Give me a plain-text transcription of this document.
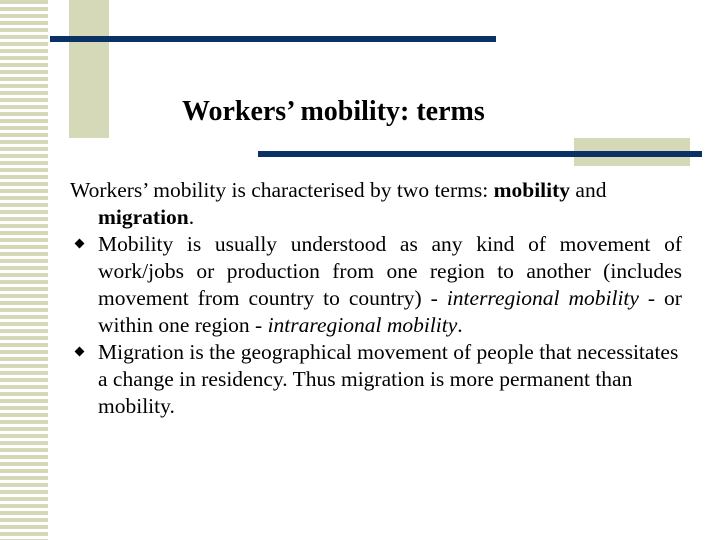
Workers’ mobility: terms

Workers’ mobility is characterised by two terms: mobility and migration.

Mobility is usually understood as any kind of movement of work/jobs or production from one region to another (includes movement from country to country) - interregional mobility - or within one region - intraregional mobility.

Migration is the geographical movement of people that necessitates a change in residency. Thus migration is more permanent than mobility.
